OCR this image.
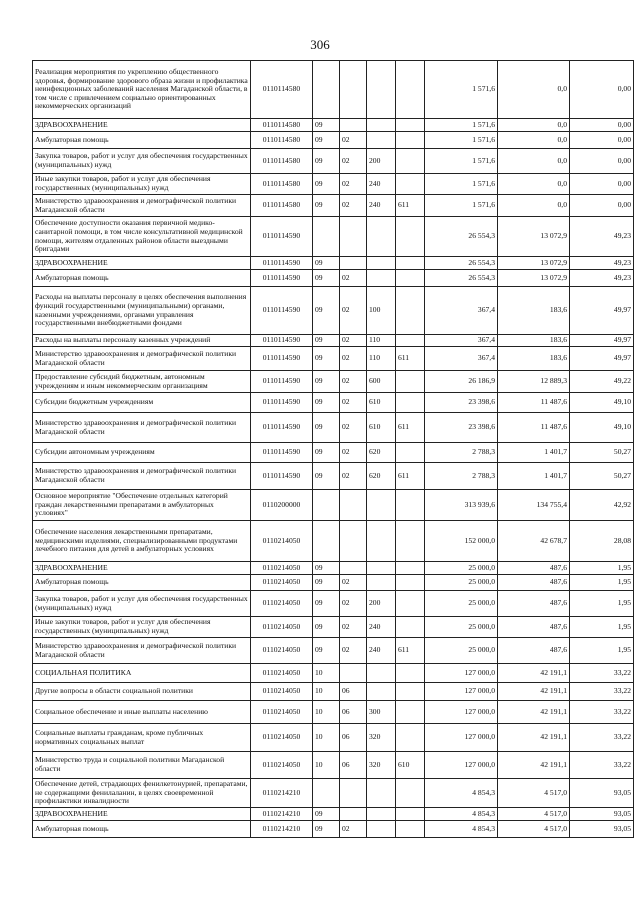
306
Реализация мероприятия по укреплению общественного здоровья, формирование здорового образа жизни и профилактика неинфекционных заболеваний населения Магаданской области, в том числе с привлечением социально ориентированных некоммерческих организаций	0110114580					1 571,6	0,0	0,00
ЗДРАВООХРАНЕНИЕ	0110114580	09				1 571,6	0,0	0,00
Амбулаторная помощь	0110114580	09	02			1 571,6	0,0	0,00
Закупка товаров, работ и услуг для обеспечения государственных (муниципальных) нужд	0110114580	09	02	200		1 571,6	0,0	0,00
Иные закупки товаров, работ и услуг для обеспечения государственных (муниципальных) нужд	0110114580	09	02	240		1 571,6	0,0	0,00
Министерство здравоохранения и демографической политики Магаданской области	0110114580	09	02	240	611	1 571,6	0,0	0,00
Обеспечение доступности оказания первичной медико-санитарной помощи, в том числе консультативной медицинской помощи, жителям отдаленных районов области выездными бригадами	0110114590					26 554,3	13 072,9	49,23
ЗДРАВООХРАНЕНИЕ	0110114590	09				26 554,3	13 072,9	49,23
Амбулаторная помощь	0110114590	09	02			26 554,3	13 072,9	49,23
Расходы на выплаты персоналу в целях обеспечения выполнения функций государственными (муниципальными) органами, казенными учреждениями, органами управления государственными внебюджетными фондами	0110114590	09	02	100		367,4	183,6	49,97
Расходы на выплаты персоналу казенных учреждений	0110114590	09	02	110		367,4	183,6	49,97
Министерство здравоохранения и демографической политики Магаданской области	0110114590	09	02	110	611	367,4	183,6	49,97
Предоставление субсидий бюджетным, автономным учреждениям и иным некоммерческим организациям	0110114590	09	02	600		26 186,9	12 889,3	49,22
Субсидии бюджетным учреждениям	0110114590	09	02	610		23 398,6	11 487,6	49,10
Министерство здравоохранения и демографической политики Магаданской области	0110114590	09	02	610	611	23 398,6	11 487,6	49,10
Субсидии автономным учреждениям	0110114590	09	02	620		2 788,3	1 401,7	50,27
Министерство здравоохранения и демографической политики Магаданской области	0110114590	09	02	620	611	2 788,3	1 401,7	50,27
Основное мероприятие "Обеспечение отдельных категорий граждан лекарственными препаратами в амбулаторных условиях"	0110200000					313 939,6	134 755,4	42,92
Обеспечение населения лекарственными препаратами, медицинскими изделиями, специализированными продуктами лечебного питания для детей в амбулаторных условиях	0110214050					152 000,0	42 678,7	28,08
ЗДРАВООХРАНЕНИЕ	0110214050	09				25 000,0	487,6	1,95
Амбулаторная помощь	0110214050	09	02			25 000,0	487,6	1,95
Закупка товаров, работ и услуг для обеспечения государственных (муниципальных) нужд	0110214050	09	02	200		25 000,0	487,6	1,95
Иные закупки товаров, работ и услуг для обеспечения государственных (муниципальных) нужд	0110214050	09	02	240		25 000,0	487,6	1,95
Министерство здравоохранения и демографической политики Магаданской области	0110214050	09	02	240	611	25 000,0	487,6	1,95
СОЦИАЛЬНАЯ ПОЛИТИКА	0110214050	10				127 000,0	42 191,1	33,22
Другие вопросы в области социальной политики	0110214050	10	06			127 000,0	42 191,1	33,22
Социальное обеспечение и иные выплаты населению	0110214050	10	06	300		127 000,0	42 191,1	33,22
Социальные выплаты гражданам, кроме публичных нормативных социальных выплат	0110214050	10	06	320		127 000,0	42 191,1	33,22
Министерство труда и социальной политики Магаданской области	0110214050	10	06	320	610	127 000,0	42 191,1	33,22
Обеспечение детей, страдающих фенилкетонурией, препаратами, не содержащими фенилаланин, в целях своевременной профилактики инвалидности	0110214210					4 854,3	4 517,0	93,05
ЗДРАВООХРАНЕНИЕ	0110214210	09				4 854,3	4 517,0	93,05
Амбулаторная помощь	0110214210	09	02			4 854,3	4 517,0	93,05
